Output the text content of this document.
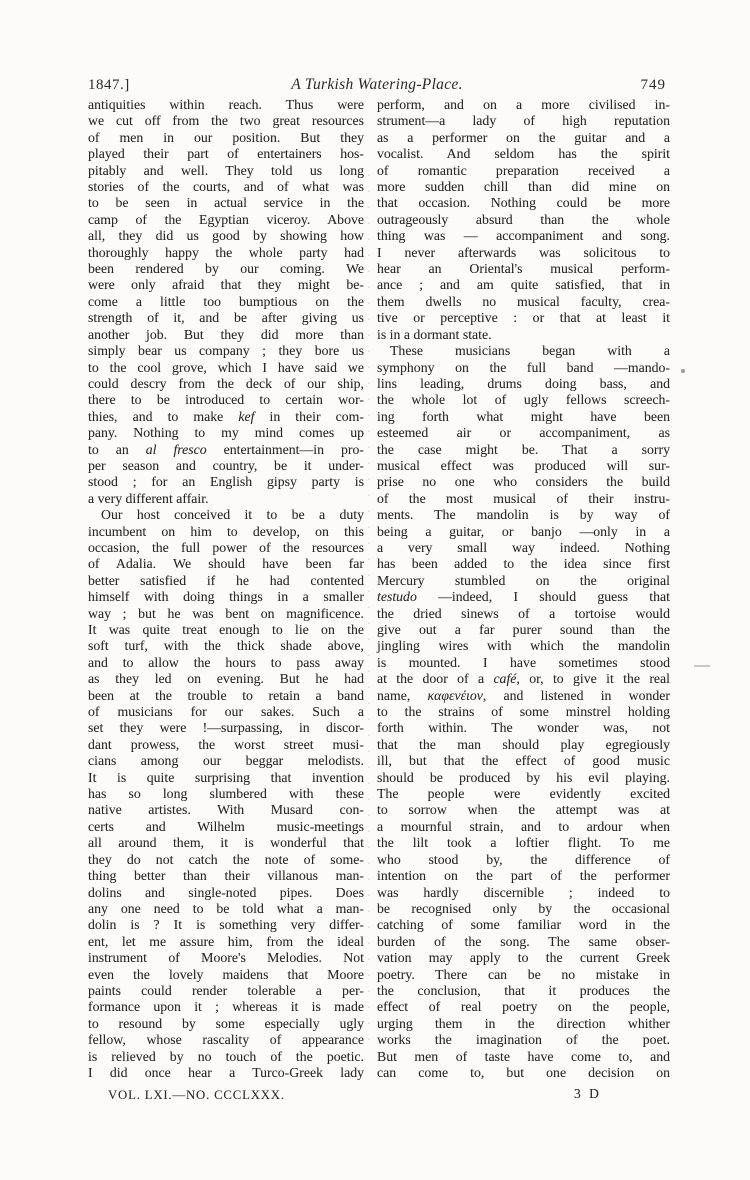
1847.]	A Turkish Watering-Place.	749
antiquities within reach. Thus were
we cut off from the two great resources
of men in our position. But they
played their part of entertainers hos-
pitably and well. They told us long
stories of the courts, and of what was
to be seen in actual service in the
camp of the Egyptian viceroy. Above
all, they did us good by showing how
thoroughly happy the whole party had
been rendered by our coming. We
were only afraid that they might be-
come a little too bumptious on the
strength of it, and be after giving us
another job. But they did more than
simply bear us company ; they bore us
to the cool grove, which I have said we
could descry from the deck of our ship,
there to be introduced to certain wor-
thies, and to make kef in their com-
pany. Nothing to my mind comes up
to an al fresco entertainment—in pro-
per season and country, be it under-
stood ; for an English gipsy party is
a very different affair.
Our host conceived it to be a duty
incumbent on him to develop, on this
occasion, the full power of the resources
of Adalia. We should have been far
better satisfied if he had contented
himself with doing things in a smaller
way ; but he was bent on magnificence.
It was quite treat enough to lie on the
soft turf, with the thick shade above,
and to allow the hours to pass away
as they led on evening. But he had
been at the trouble to retain a band
of musicians for our sakes. Such a
set they were !—surpassing, in discor-
dant prowess, the worst street musi-
cians among our beggar melodists.
It is quite surprising that invention
has so long slumbered with these
native artistes. With Musard con-
certs and Wilhelm music-meetings
all around them, it is wonderful that
they do not catch the note of some-
thing better than their villanous man-
dolins and single-noted pipes. Does
any one need to be told what a man-
dolin is ? It is something very differ-
ent, let me assure him, from the ideal
instrument of Moore's Melodies. Not
even the lovely maidens that Moore
paints could render tolerable a per-
formance upon it ; whereas it is made
to resound by some especially ugly
fellow, whose rascality of appearance
is relieved by no touch of the poetic.
I did once hear a Turco-Greek lady
perform, and on a more civilised in-
strument—a lady of high reputation
as a performer on the guitar and a
vocalist. And seldom has the spirit
of romantic preparation received a
more sudden chill than did mine on
that occasion. Nothing could be more
outrageously absurd than the whole
thing was — accompaniment and song.
I never afterwards was solicitous to
hear an Oriental's musical perform-
ance ; and am quite satisfied, that in
them dwells no musical faculty, crea-
tive or perceptive : or that at least it
is in a dormant state.
These musicians began with a
symphony on the full band —mando-
lins leading, drums doing bass, and
the whole lot of ugly fellows screech-
ing forth what might have been
esteemed air or accompaniment, as
the case might be. That a sorry
musical effect was produced will sur-
prise no one who considers the build
of the most musical of their instru-
ments. The mandolin is by way of
being a guitar, or banjo —only in a
a very small way indeed. Nothing
has been added to the idea since first
Mercury stumbled on the original
testudo —indeed, I should guess that
the dried sinews of a tortoise would
give out a far purer sound than the
jingling wires with which the mandolin
is mounted. I have sometimes stood
at the door of a café, or, to give it the real
name, καφενέιον, and listened in wonder
to the strains of some minstrel holding
forth within. The wonder was, not
that the man should play egregiously
ill, but that the effect of good music
should be produced by his evil playing.
The people were evidently excited
to sorrow when the attempt was at
a mournful strain, and to ardour when
the lilt took a loftier flight. To me
who stood by, the difference of
intention on the part of the performer
was hardly discernible ; indeed to
be recognised only by the occasional
catching of some familiar word in the
burden of the song. The same obser-
vation may apply to the current Greek
poetry. There can be no mistake in
the conclusion, that it produces the
effect of real poetry on the people,
urging them in the direction whither
works the imagination of the poet.
But men of taste have come to, and
can come to, but one decision on
VOL. LXI.—NO. CCCLXXX.	3 D
